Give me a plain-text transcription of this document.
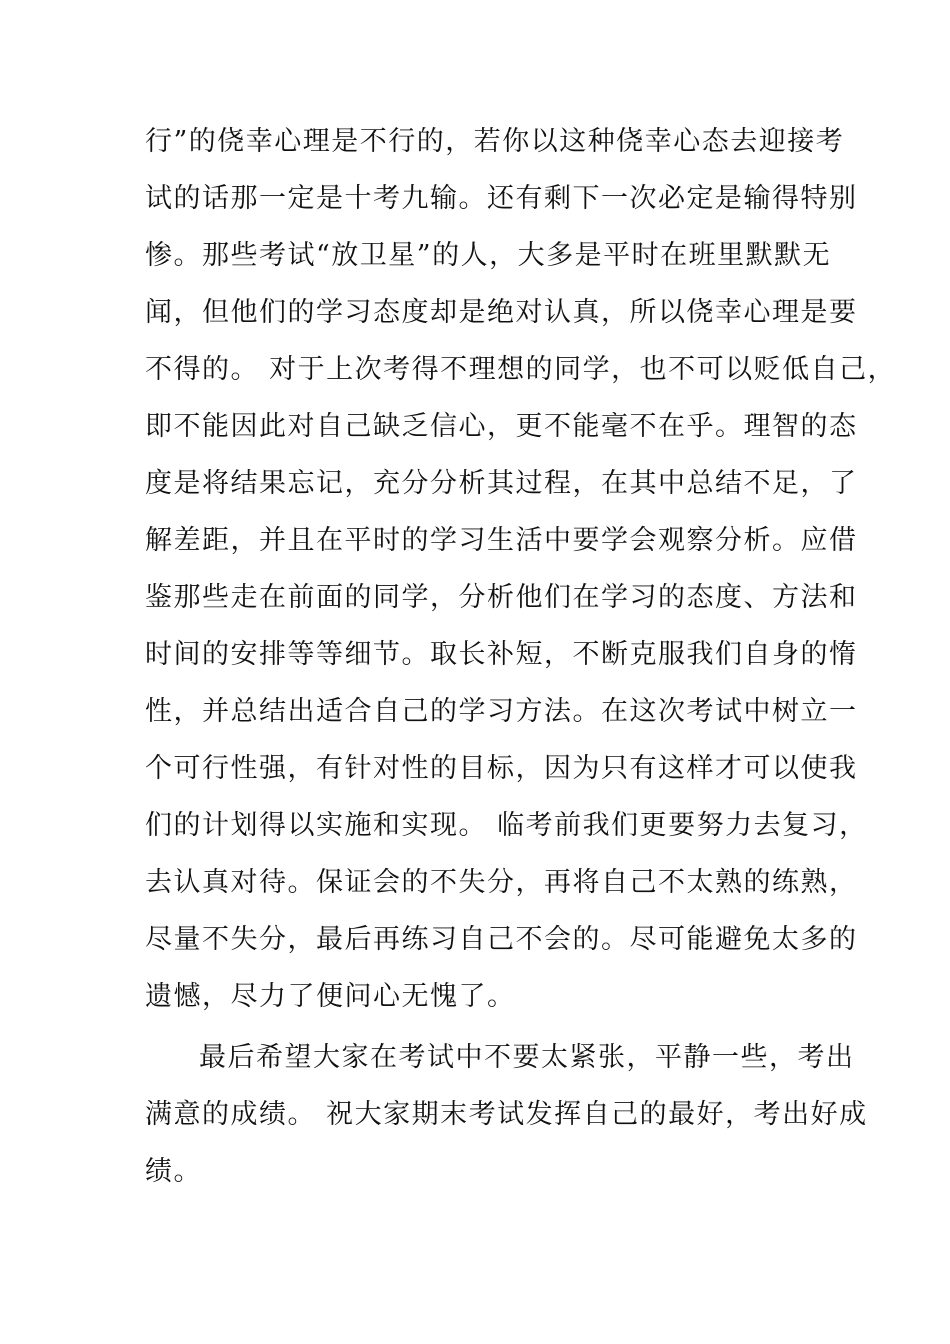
行”的侥幸心理是不行的，若你以这种侥幸心态去迎接考
试的话那一定是十考九输。还有剩下一次必定是输得特别
惨。那些考试“放卫星”的人，大多是平时在班里默默无
闻，但他们的学习态度却是绝对认真，所以侥幸心理是要
不得的。 对于上次考得不理想的同学，也不可以贬低自己，
即不能因此对自己缺乏信心，更不能毫不在乎。理智的态
度是将结果忘记，充分分析其过程，在其中总结不足，了
解差距，并且在平时的学习生活中要学会观察分析。应借
鉴那些走在前面的同学，分析他们在学习的态度、方法和
时间的安排等等细节。取长补短，不断克服我们自身的惰
性，并总结出适合自己的学习方法。在这次考试中树立一
个可行性强，有针对性的目标，因为只有这样才可以使我
们的计划得以实施和实现。 临考前我们更要努力去复习，
去认真对待。保证会的不失分，再将自己不太熟的练熟，
尽量不失分，最后再练习自己不会的。尽可能避免太多的
遗憾，尽力了便问心无愧了。
最后希望大家在考试中不要太紧张，平静一些，考出
满意的成绩。 祝大家期末考试发挥自己的最好，考出好成
绩。
